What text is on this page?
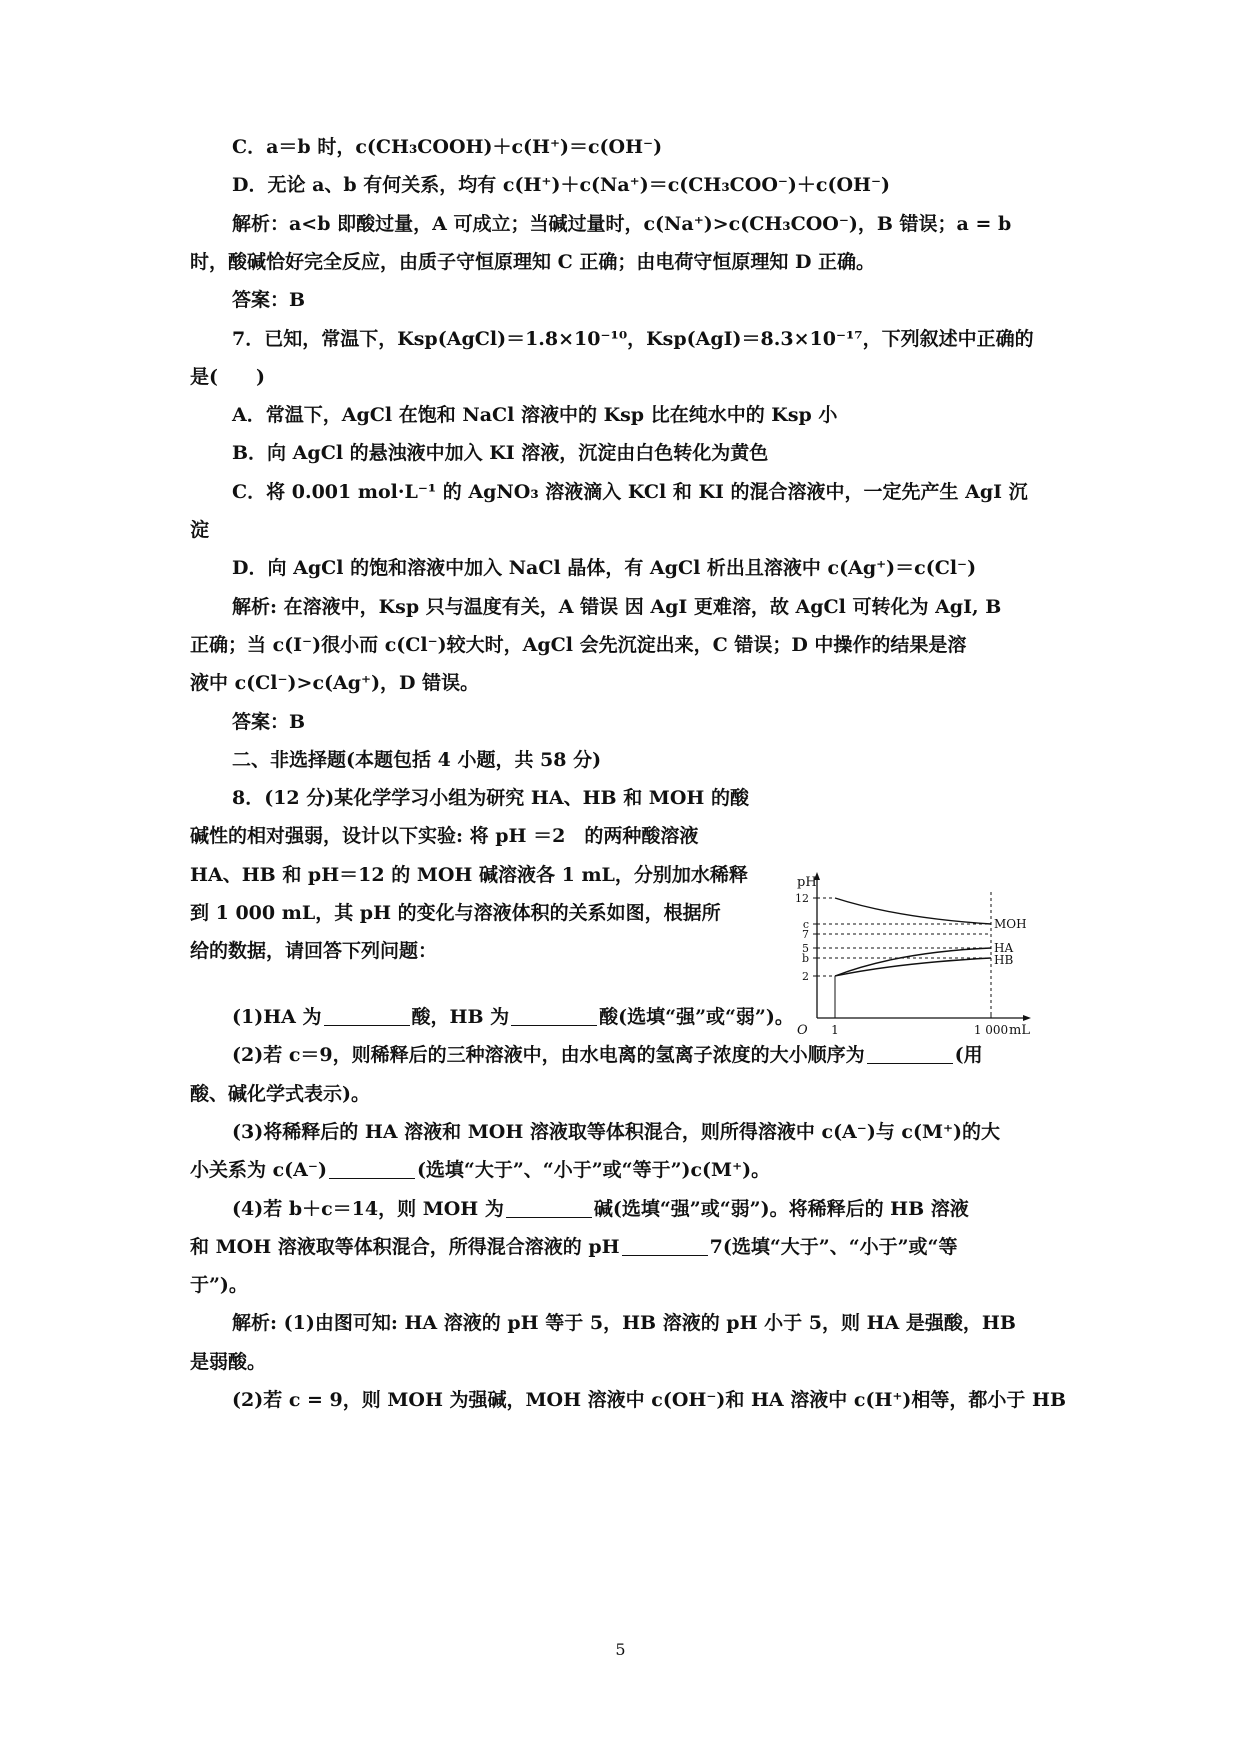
C．a＝b 时，c(CH₃COOH)＋c(H⁺)＝c(OH⁻)
D．无论 a、b 有何关系，均有 c(H⁺)＋c(Na⁺)＝c(CH₃COO⁻)＋c(OH⁻)
解析：a<b 即酸过量，A 可成立；当碱过量时，c(Na⁺)>c(CH₃COO⁻)，B 错误；a = b
时，酸碱恰好完全反应，由质子守恒原理知 C 正确；由电荷守恒原理知 D 正确。
答案：B
7．已知，常温下，Ksp(AgCl)＝1.8×10⁻¹⁰，Ksp(AgI)＝8.3×10⁻¹⁷，下列叙述中正确的
是(　　)
A．常温下，AgCl 在饱和 NaCl 溶液中的 Ksp 比在纯水中的 Ksp 小
B．向 AgCl 的悬浊液中加入 KI 溶液，沉淀由白色转化为黄色
C．将 0.001 mol·L⁻¹ 的 AgNO₃ 溶液滴入 KCl 和 KI 的混合溶液中，一定先产生 AgI 沉
淀
D．向 AgCl 的饱和溶液中加入 NaCl 晶体，有 AgCl 析出且溶液中 c(Ag⁺)＝c(Cl⁻)
解析: 在溶液中，Ksp 只与温度有关，A 错误 因 AgI 更难溶，故 AgCl 可转化为 AgI, B
正确；当 c(I⁻)很小而 c(Cl⁻)较大时，AgCl 会先沉淀出来，C 错误；D 中操作的结果是溶
液中 c(Cl⁻)>c(Ag⁺)，D 错误。
答案：B
二、非选择题(本题包括 4 小题，共 58 分)
8．(12 分)某化学学习小组为研究 HA、HB 和 MOH 的酸
碱性的相对强弱，设计以下实验: 将 pH ＝2　的两种酸溶液
HA、HB 和 pH＝12 的 MOH 碱溶液各 1 mL，分别加水稀释
到 1 000 mL，其 pH 的变化与溶液体积的关系如图，根据所
给的数据，请回答下列问题：
(1)HA 为	酸，HB 为	酸(选填“强”或“弱”)。
(2)若 c＝9，则稀释后的三种溶液中，由水电离的氢离子浓度的大小顺序为	(用
酸、碱化学式表示)。
(3)将稀释后的 HA 溶液和 MOH 溶液取等体积混合，则所得溶液中 c(A⁻)与 c(M⁺)的大
小关系为 c(A⁻)	(选填“大于”、“小于”或“等于”)c(M⁺)。
(4)若 b＋c＝14，则 MOH 为	碱(选填“强”或“弱”)。将稀释后的 HB 溶液
和 MOH 溶液取等体积混合，所得混合溶液的 pH	7(选填“大于”、“小于”或“等
于”)。
解析: (1)由图可知: HA 溶液的 pH 等于 5，HB 溶液的 pH 小于 5，则 HA 是强酸，HB
是弱酸。
(2)若 c = 9，则 MOH 为强碱，MOH 溶液中 c(OH⁻)和 HA 溶液中 c(H⁺)相等，都小于 HB
pH
mL
O
12
c
7
5
b
2
1	1 000
MOH
HA
HB
5
